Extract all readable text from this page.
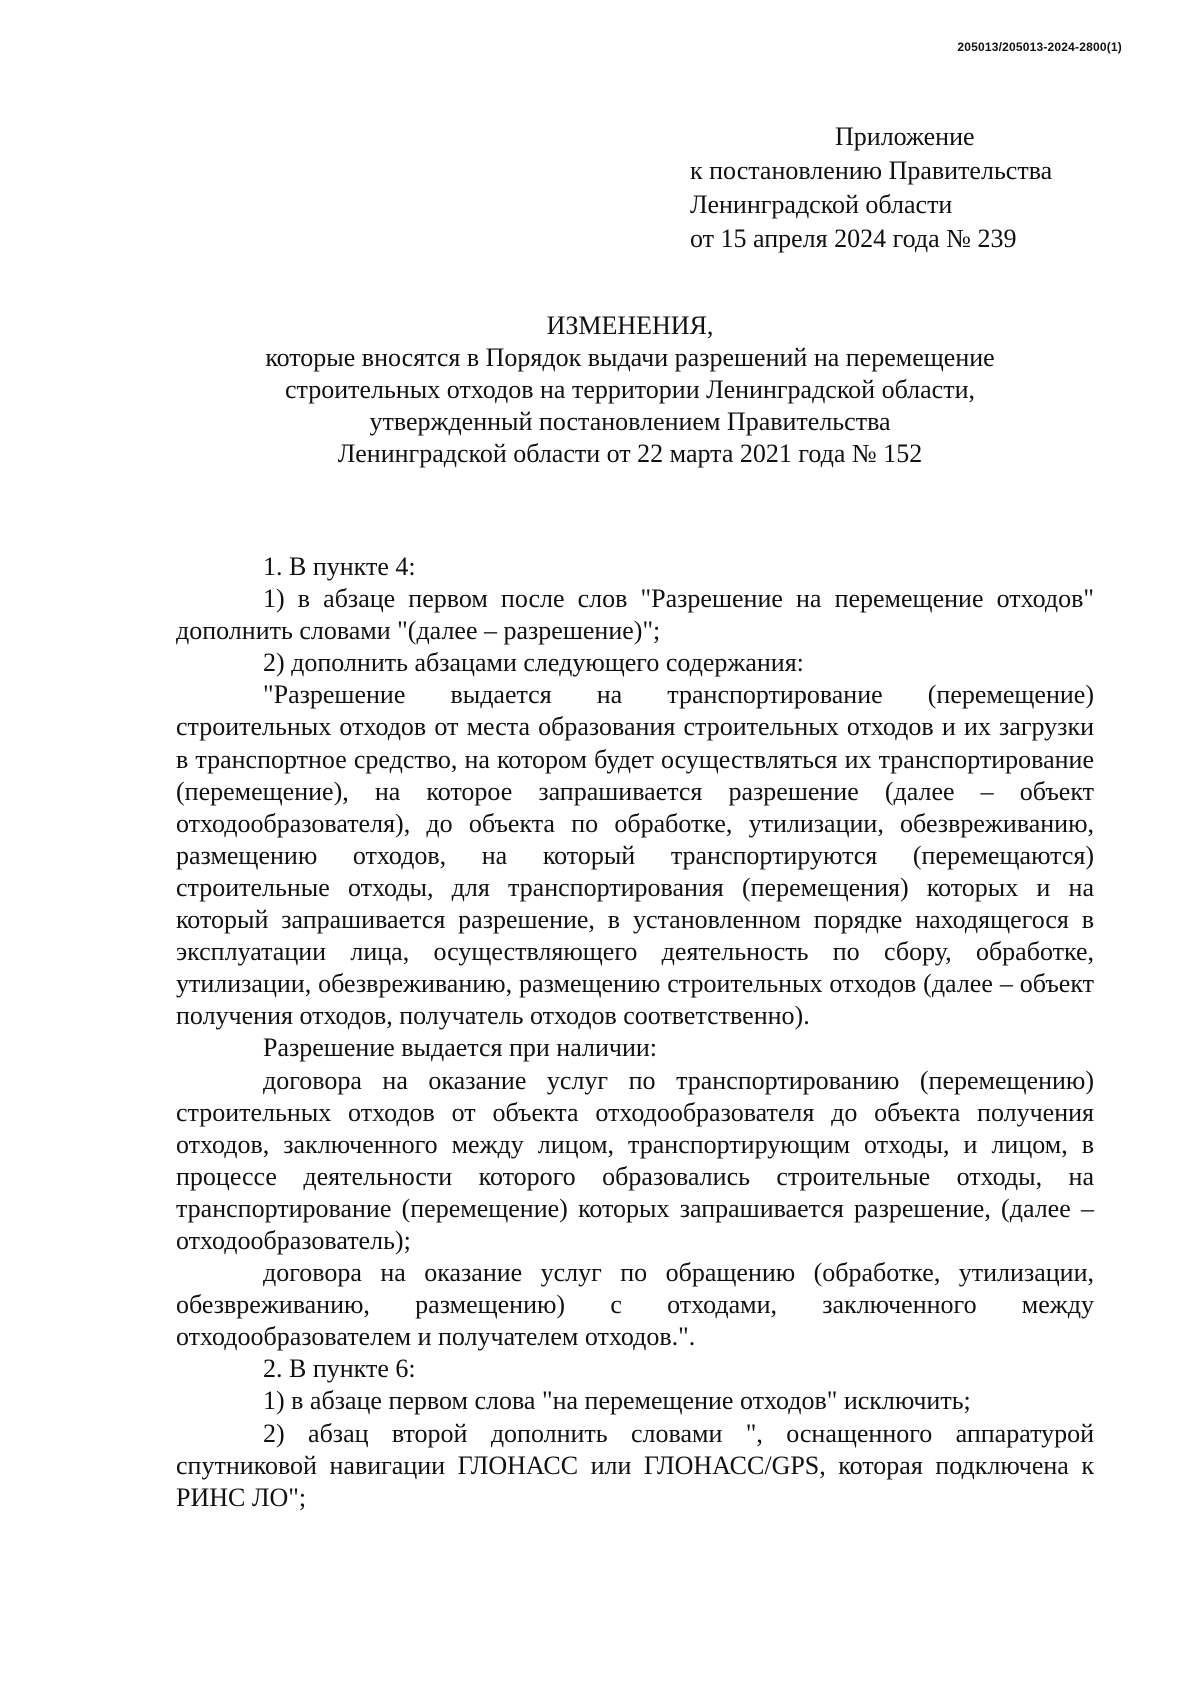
205013/205013-2024-2800(1)
Приложение
к постановлению Правительства
Ленинградской области
от 15 апреля 2024 года № 239
ИЗМЕНЕНИЯ,
которые вносятся в Порядок выдачи разрешений на перемещение
строительных отходов на территории Ленинградской области,
утвержденный постановлением Правительства
Ленинградской области от 22 марта 2021 года № 152

1. В пункте 4:

1) в абзаце первом после слов "Разрешение на перемещение отходов" дополнить словами "(далее – разрешение)";

2) дополнить абзацами следующего содержания:

"Разрешение выдается на транспортирование (перемещение) строительных отходов от места образования строительных отходов и их загрузки в транспортное средство, на котором будет осуществляться их транспортирование (перемещение), на которое запрашивается разрешение (далее – объект отходообразователя), до объекта по обработке, утилизации, обезвреживанию, размещению отходов, на который транспортируются (перемещаются) строительные отходы, для транспортирования (перемещения) которых и на который запрашивается разрешение, в установленном порядке находящегося в эксплуатации лица, осуществляющего деятельность по сбору, обработке, утилизации, обезвреживанию, размещению строительных отходов (далее – объект получения отходов, получатель отходов соответственно).

Разрешение выдается при наличии:

договора на оказание услуг по транспортированию (перемещению) строительных отходов от объекта отходообразователя до объекта получения отходов, заключенного между лицом, транспортирующим отходы, и лицом, в процессе деятельности которого образовались строительные отходы, на транспортирование (перемещение) которых запрашивается разрешение, (далее – отходообразователь);

договора на оказание услуг по обращению (обработке, утилизации, обезвреживанию, размещению) с отходами, заключенного между отходообразователем и получателем отходов.".

2. В пункте 6:

1) в абзаце первом слова "на перемещение отходов" исключить;

2) абзац второй дополнить словами ", оснащенного аппаратурой спутниковой навигации ГЛОНАСС или ГЛОНАСС/GPS, которая подключена к РИНС ЛО";
